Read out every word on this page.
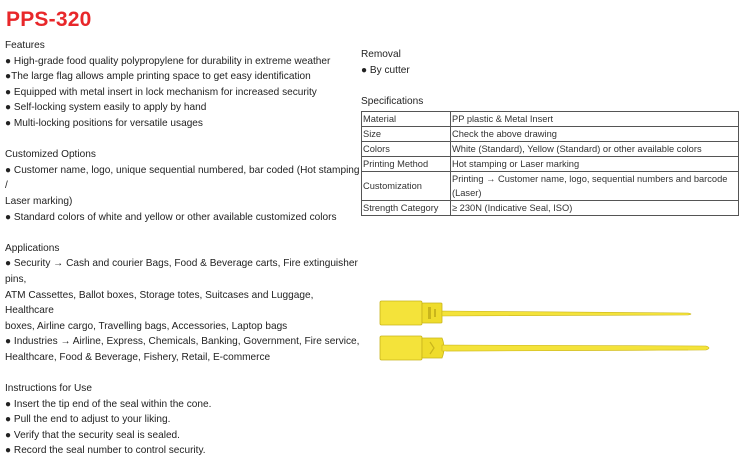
PPS-320

Features

● High-grade food quality polypropylene for durability in extreme weather

●The large flag allows ample printing space to get easy identification

● Equipped with metal insert in lock mechanism for increased security

● Self-locking system easily to apply by hand

● Multi-locking positions for versatile usages

Customized Options

● Customer name, logo, unique sequential numbered, bar coded (Hot stamping /

Laser marking)

● Standard colors of white and yellow or other available customized colors

Applications

● Security → Cash and courier Bags, Food & Beverage carts, Fire extinguisher pins,

ATM Cassettes, Ballot boxes, Storage totes, Suitcases and Luggage, Healthcare

boxes, Airline cargo, Travelling bags, Accessories, Laptop bags

● Industries → Airline, Express, Chemicals, Banking, Government, Fire service,

Healthcare, Food & Beverage, Fishery, Retail, E-commerce

Instructions for Use

● Insert the tip end of the seal within the cone.

● Pull the end to adjust to your liking.

● Verify that the security seal is sealed.

● Record the seal number to control security.

Removal

● By cutter

Specifications

Material	PP plastic & Metal Insert
Size	Check the above drawing
Colors	White (Standard), Yellow (Standard) or other available colors
Printing Method	Hot stamping or Laser marking
Customization	Printing → Customer name, logo, sequential numbers and barcode
(Laser)

Strength Category	≥ 230N (Indicative Seal, ISO)
